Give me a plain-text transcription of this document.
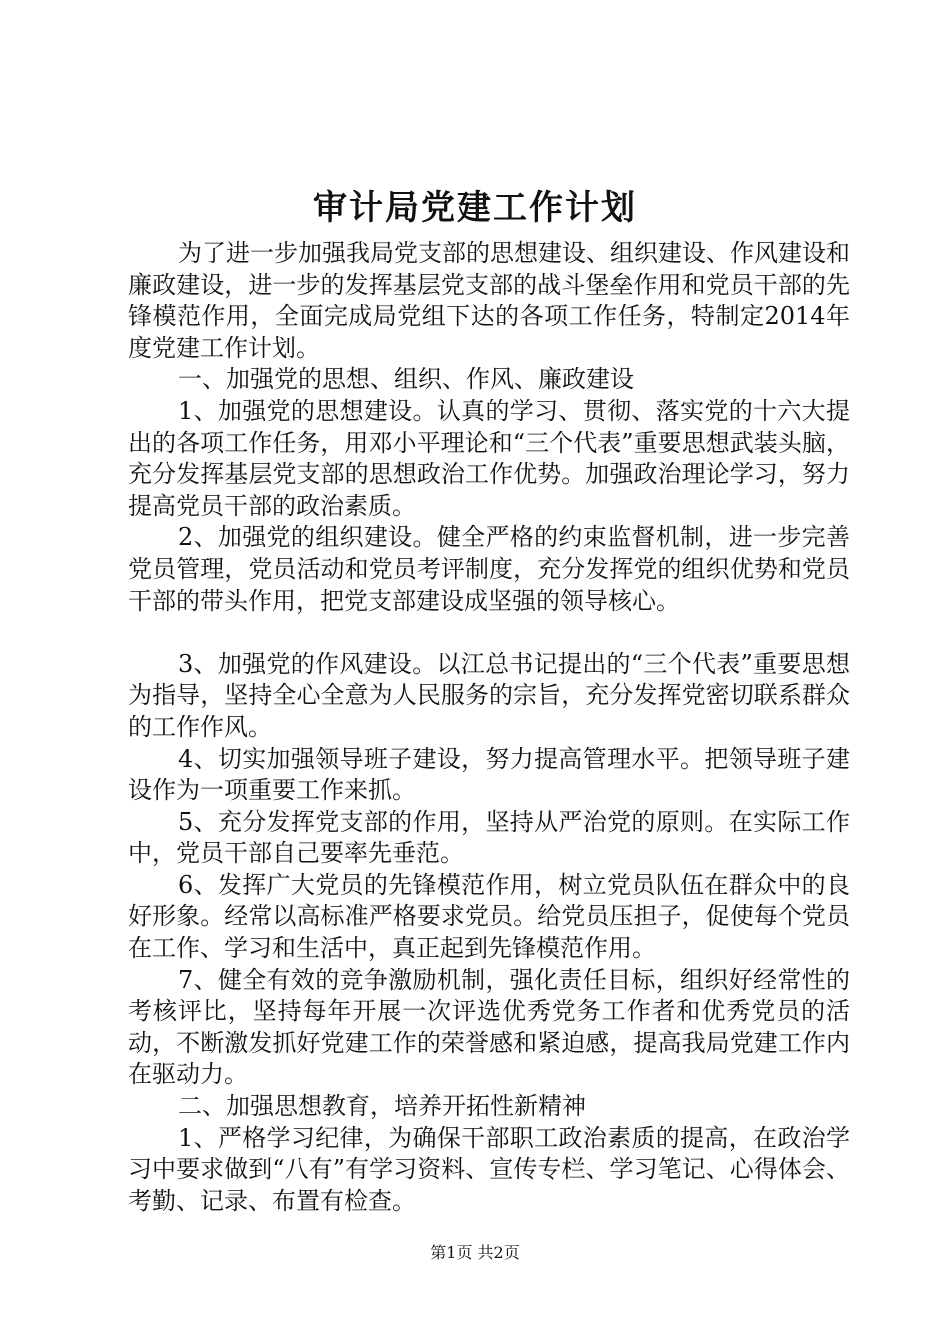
审计局党建工作计划

为了进一步加强我局党支部的思想建设、组织建设、作风建设和廉政建设，进一步的发挥基层党支部的战斗堡垒作用和党员干部的先锋模范作用，全面完成局党组下达的各项工作任务，特制定2014年度党建工作计划。

一、加强党的思想、组织、作风、廉政建设

1、加强党的思想建设。认真的学习、贯彻、落实党的十六大提出的各项工作任务，用邓小平理论和“三个代表”重要思想武装头脑，充分发挥基层党支部的思想政治工作优势。加强政治理论学习，努力提高党员干部的政治素质。

2、加强党的组织建设。健全严格的约束监督机制，进一步完善党员管理，党员活动和党员考评制度，充分发挥党的组织优势和党员干部的带头作用，把党支部建设成坚强的领导核心。

3、加强党的作风建设。以江总书记提出的“三个代表”重要思想为指导，坚持全心全意为人民服务的宗旨，充分发挥党密切联系群众的工作作风。

4、切实加强领导班子建设，努力提高管理水平。把领导班子建设作为一项重要工作来抓。

5、充分发挥党支部的作用，坚持从严治党的原则。在实际工作中，党员干部自己要率先垂范。

6、发挥广大党员的先锋模范作用，树立党员队伍在群众中的良好形象。经常以高标准严格要求党员。给党员压担子，促使每个党员在工作、学习和生活中，真正起到先锋模范作用。

7、健全有效的竞争激励机制，强化责任目标，组织好经常性的考核评比，坚持每年开展一次评选优秀党务工作者和优秀党员的活动，不断激发抓好党建工作的荣誉感和紧迫感，提高我局党建工作内在驱动力。

二、加强思想教育，培养开拓性新精神

1、严格学习纪律，为确保干部职工政治素质的提高，在政治学习中要求做到“八有”有学习资料、宣传专栏、学习笔记、心得体会、考勤、记录、布置有检查。

第1页 共2页
